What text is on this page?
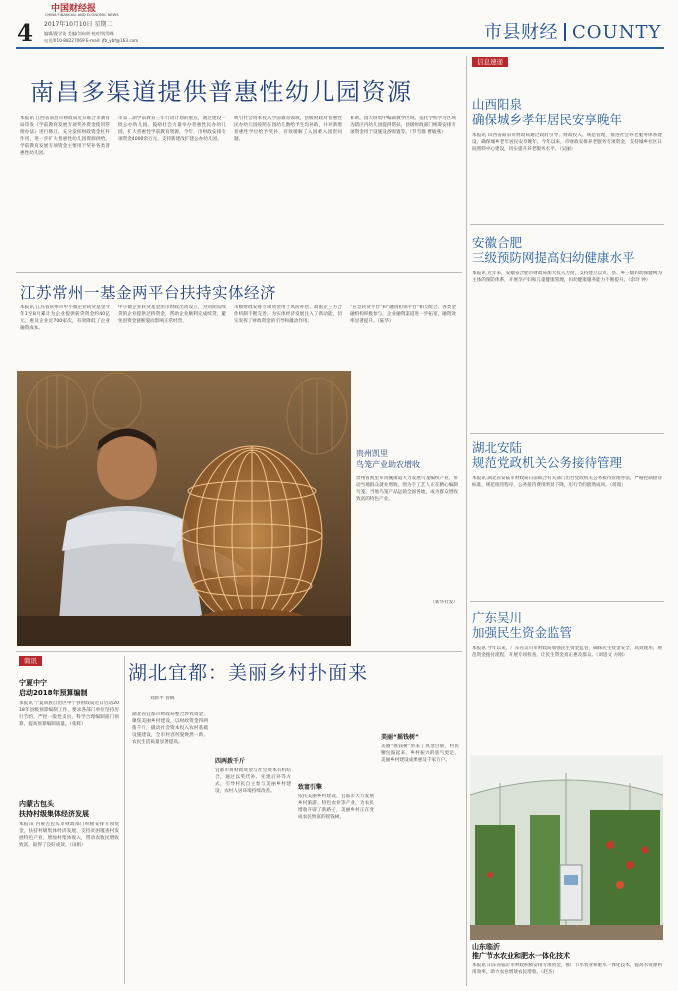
中国财经报
CHINA FINANCIAL AND ECONOMIC NEWS
4 2017年10月10日 星期二
编辑/曹学英 美编/刘向明 校对/钱雪峰
电话/010-88227069 E-mail: jfb_ybf@163.com	市县财经 COUNTY
南昌多渠道提供普惠性幼儿园资源
本报讯 江西省南昌市财政局近日联合市教育局印发《学前教育发展专项奖补资金使用管理办法》进行修订，充分发挥财政资金杠杆作用，进一步扩大普惠性幼儿园资源供给。学前教育发展专项资金主要用于奖补各类普惠性幼儿园。
市第二期学前教育三年行动计划的重点，通过建设一批公办幼儿园，鼓励社会力量举办普惠性民办幼儿园，扩大普惠性学前教育资源。今年，市财政安排专项资金4000余万元，支持新建改扩建公办幼儿园。
吸引社会资本投入学前教育领域，县级财政对普惠性民办幼儿园按照在园幼儿数给予生均补助，并对新增普惠性学位给予奖补，有效缓解了入园难入园贵问题。
补助。园大班集中编制教学区域，依托学校学习区域为辖区内幼儿园提供帮扶，县级财政部门统筹安排专项资金用于设施设备购置等。（罗雪群 曹敏燕）
江苏常州一基金两平台扶持实体经济
本报讯 江苏省常州市中小微企业转贷基金今年1至8月累计为企业提供转贷资金约40亿元，惠及企业近700家次，有效降低了企业融资成本。
中小微企业转贷基金由市财政出资设立，为到期需续贷的企业提供过桥资金，帮助企业顺利完成续贷，避免因资金链断裂而影响正常经营。
市级财政安排专项资金用于风险补偿，政银企三方合作机制不断完善，为实体经济发展注入了新动能，切实发挥了财政资金的引导和撬动作用。
“应急转贷平台”和“融资担保平台”相互配合，各类金融机构积极参与，企业融资渠道进一步拓宽，融资效率显著提升。（陆华）
贵州凯里
鸟笼产业助农增收
贵州省凯里市湾溪街道大力发展鸟笼编织产业，带动当地群众就业增收。图为手工艺人正在精心编制鸟笼。当地鸟笼产品远销全国各地，成为群众增收致富的特色产业。
（新华社发）
简讯
宁夏中宁
启动2018年预算编制
本报讯 宁夏回族自治区中宁县财政局近日启动2018年县级预算编制工作，要求各部门单位坚持厉行节约，严控一般性支出，科学合理编制部门预算，提高预算编制质量。（张辉）
内蒙古包头
扶持村级集体经济发展
本报讯 内蒙古包头市财政部门积极安排专项资金，扶持村级集体经济发展，支持贫困嘎查村发展特色产业，增加村集体收入，带动农牧民增收致富，取得了良好成效。（田娟）
湖北宜都：美丽乡村扑面来
刘新平 曾稿
湖北省宜都市财政局整合涉农资金，聚焦美丽乡村建设，以财政资金四两拨千斤，撬动社会资本投入农村基础设施建设，全市村容村貌焕然一新，农民生活质量显著提高。
四两拨千斤
宜都市将财政资金与社会资本有机结合，通过以奖代补、先建后补等方式，引导村民自主参与美丽乡村建设，农村人居环境持续改善。
致富引擎
依托美丽乡村建设，宜都市大力发展乡村旅游、特色农业等产业，为农民增收开辟了新路子，美丽乡村正在变成农民致富的摇钱树。
美丽“摇钱树”
美丽“摇钱树”带来了真金白银，村民腰包鼓起来，乡村振兴的底气更足，美丽乡村建设成果惠及千家万户。
信息速递
山西阳泉
确保城乡孝年居民安享晚年
本报讯 山西省阳泉市财政局通过政府引导、财政投入、规范管理，推进社会养老服务体系建设，确保城乡老年居民安享晚年。今年以来，市财政安排养老服务专项资金，支持城乡社区日间照料中心建设，切实提升养老服务水平。（吴丽）
安徽合肥
三级预防网提高妇幼健康水平
本报讯 近年来，安徽省合肥市财政局加大投入力度，支持建立以市、县、乡三级妇幼保健网为主体的预防体系，开展孕产妇和儿童健康管理，妇幼健康服务能力不断提升。（余玲 钟）
湖北安陆
规范党政机关公务接待管理
本报讯 湖北省安陆市财政局日前联合有关部门出台党政机关公务接待管理办法，严格控制接待标准，规范接待程序，公务接待费用明显下降，厉行节约蔚然成风。（蒋瑞）
广东吴川
加强民生资金监管
本报讯 今年以来，广东省吴川市财政局加强民生资金监管，确保民生资金安全、高效使用，规范资金拨付流程，开展专项检查，让民生资金真正惠及群众。（刘思文 方刚）
山东临沂
推广节水农业和肥水一体化技术
本报讯 山东省临沂市财政积极安排专项资金，推广节水农业和肥水一体化技术，提高水资源利用效率，助力农业增效农民增收。（赵杰）
